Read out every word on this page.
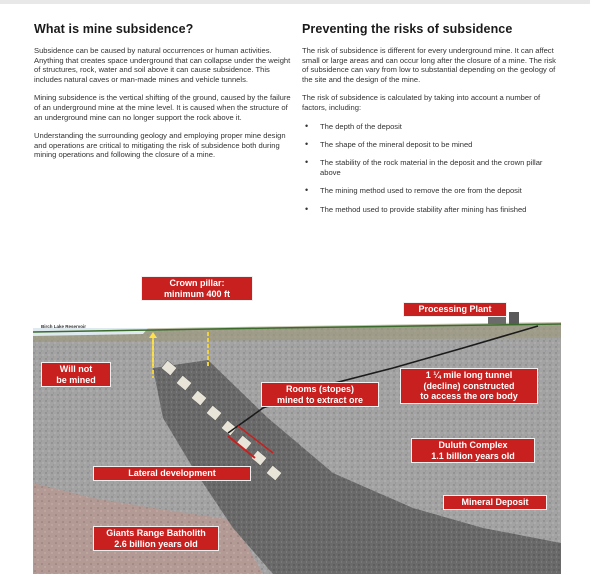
What is mine subsidence?

Subsidence can be caused by natural occurrences or human activities. Anything that creates space underground that can collapse under the weight of structures, rock, water and soil above it can cause subsidence. This includes natural caves or man-made mines and vehicle tunnels.

Mining subsidence is the vertical shifting of the ground, caused by the failure of an underground mine at the mine level. It is caused when the structure of an underground mine can no longer support the rock above it.

Understanding the surrounding geology and employing proper mine design and operations are critical to mitigating the risk of subsidence both during mining operations and following the closure of a mine.

Preventing the risks of subsidence

The risk of subsidence is different for every underground mine. It can affect small or large areas and can occur long after the closure of a mine. The risk of subsidence can vary from low to substantial depending on the geology of the site and the design of the mine.

The risk of subsidence is calculated by taking into account a number of factors, including:

• The depth of the deposit
• The shape of the mineral deposit to be mined
• The stability of the rock material in the deposit and the crown pillar above
• The mining method used to remove the ore from the deposit
• The method used to provide stability after mining has finished
Birch Lake Reservoir
Crown pillar:
minimum 400 ft
Processing Plant
Will not
be mined
Rooms (stopes)
mined to extract ore
1 ¼ mile long tunnel
(decline) constructed
to access the ore body
Duluth Complex
1.1 billion years old
Lateral development
Mineral Deposit
Giants Range Batholith
2.6 billion years old
